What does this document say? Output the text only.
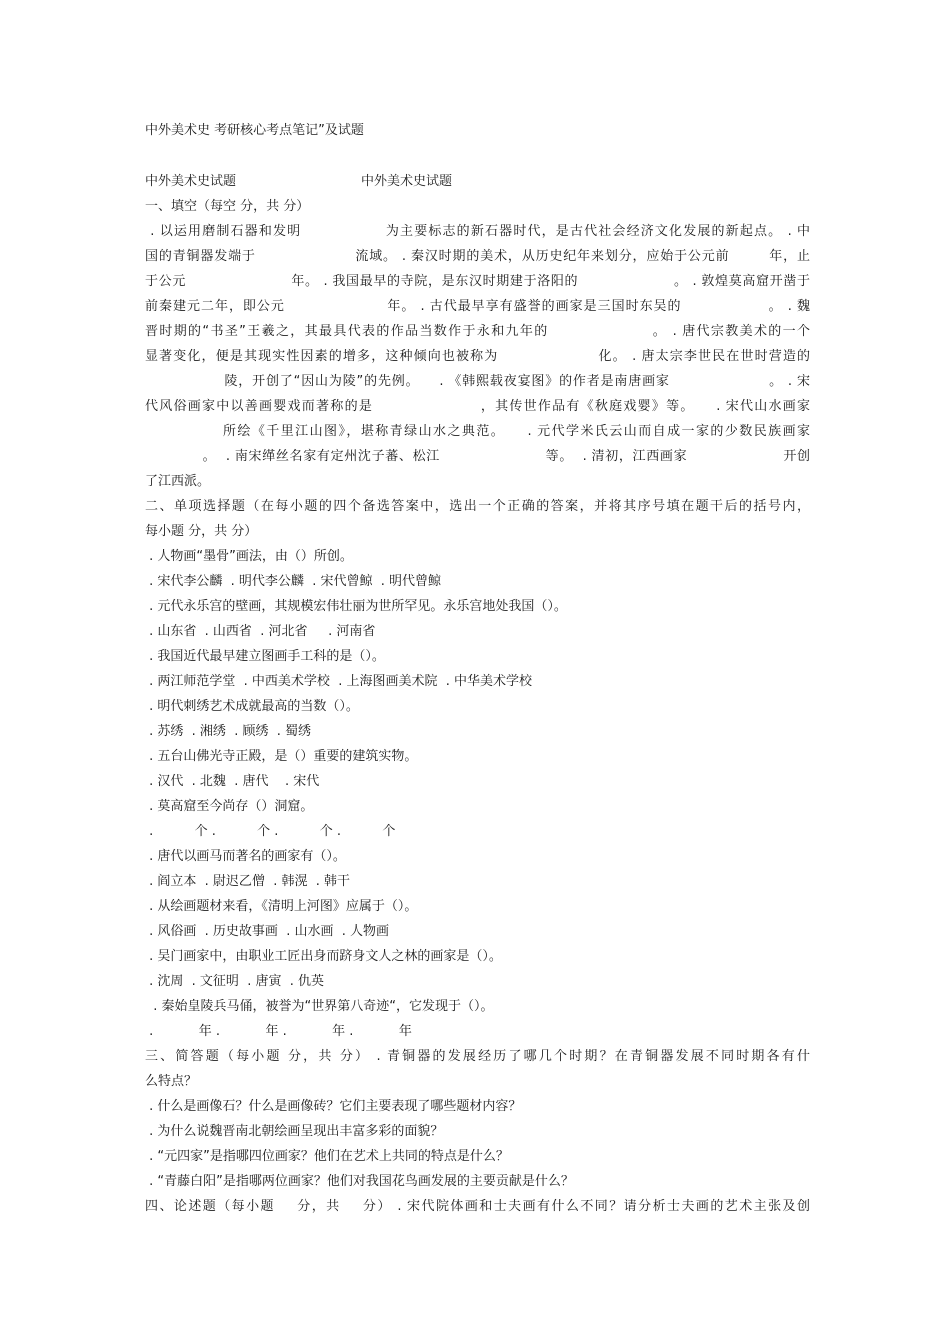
中外美术史 考研核心考点笔记”及试题
中外美术史试题	中外美术史试题
一、填空（每空 分，共 分）
. 以运用磨制石器和发明                为主要标志的新石器时代，是古代社会经济文化发展的新起点。 . 中
国的青铜器发端于                    流域。 . 秦汉时期的美术，从历史纪年来划分，应始于公元前        年，止
于公元                      年。 . 我国最早的寺院，是东汉时期建于洛阳的                    。 . 敦煌莫高窟开凿于
前秦建元二年，即公元                    年。 . 古代最早享有盛誉的画家是三国时东吴的                 。 . 魏
晋时期的“书圣”王羲之，其最具代表的作品当数作于永和九年的                   。 . 唐代宗教美术的一个
显著变化，便是其现实性因素的增多，这种倾向也被称为                   化。 . 唐太宗李世民在世时营造的
陵，开创了“因山为陵”的先例。    . 《韩熙载夜宴图》的作者是南唐画家                    。 . 宋
代风俗画家中以善画婴戏而著称的是                    ，其传世作品有《秋庭戏婴》等。    . 宋代山水画家
所绘《千里江山图》，堪称青绿山水之典范。    . 元代学米氏云山而自成一家的少数民族画家
。  . 南宋缂丝名家有定州沈子蕃、松江                      等。  . 清初，江西画家                    开创
了江西派。
二、单项选择题（在每小题的四个备选答案中，选出一个正确的答案，并将其序号填在题干后的括号内，
每小题 分，共 分）
. 人物画“墨骨”画法，由（）所创。
. 宋代李公麟  . 明代李公麟  . 宋代曾鲸  . 明代曾鲸
. 元代永乐宫的壁画，其规模宏伟壮丽为世所罕见。永乐宫地处我国（）。
. 山东省  . 山西省  . 河北省     . 河南省
. 我国近代最早建立图画手工科的是（）。
. 两江师范学堂  . 中西美术学校  . 上海图画美术院  . 中华美术学校
. 明代刺绣艺术成就最高的当数（）。
. 苏绣  . 湘绣  . 顾绣  . 蜀绣
. 五台山佛光寺正殿，是（）重要的建筑实物。
. 汉代  . 北魏  . 唐代    . 宋代
. 莫高窟至今尚存（）洞窟。
.          个 .          个 .          个 .          个
. 唐代以画马而著名的画家有（）。
. 阎立本  . 尉迟乙僧  . 韩滉  . 韩干
. 从绘画题材来看，《清明上河图》应属于（）。
. 风俗画  . 历史故事画  . 山水画  . 人物画
. 吴门画家中，由职业工匠出身而跻身文人之林的画家是（）。
. 沈周  . 文征明  . 唐寅  . 仇英
. 秦始皇陵兵马俑，被誉为“世界第八奇迹“，它发现于（）。
.           年 .           年 .           年 .           年
三、简答题（每小题 分，共 分） . 青铜器的发展经历了哪几个时期？在青铜器发展不同时期各有什
么特点？
. 什么是画像石？什么是画像砖？它们主要表现了哪些题材内容？
. 为什么说魏晋南北朝绘画呈现出丰富多彩的面貌？
. “元四家”是指哪四位画家？他们在艺术上共同的特点是什么？
. “青藤白阳”是指哪两位画家？他们对我国花鸟画发展的主要贡献是什么？
四、论述题（每小题    分，共    分） . 宋代院体画和士夫画有什么不同？请分析士夫画的艺术主张及创
